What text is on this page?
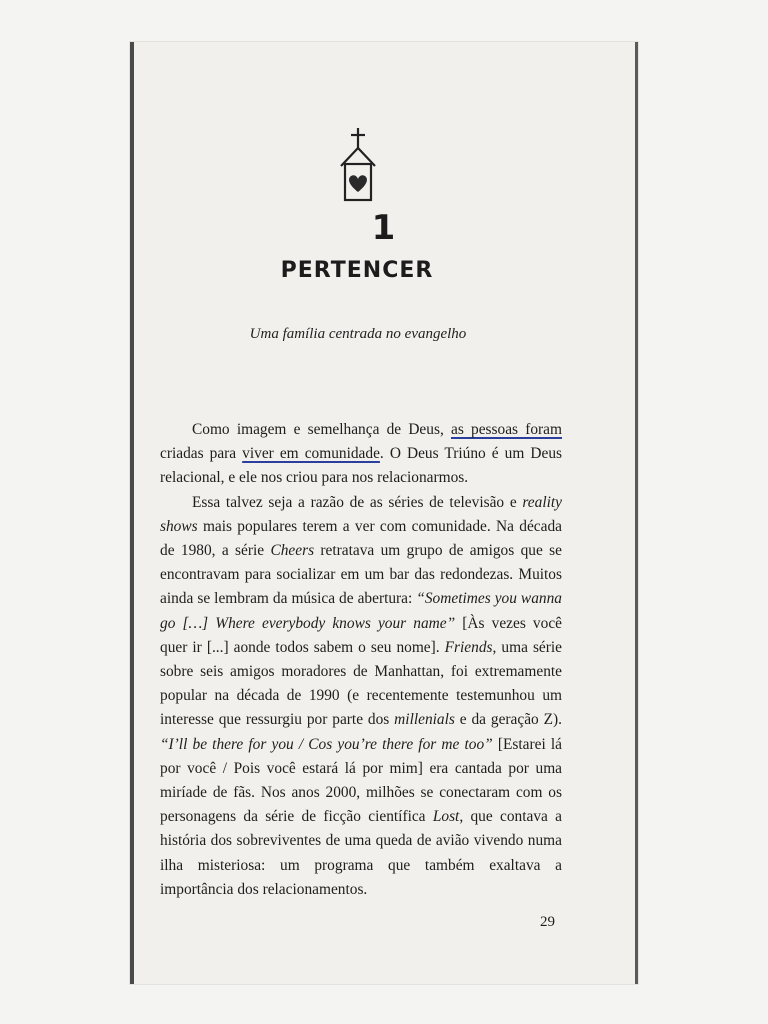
1
PERTENCER
Uma família centrada no evangelho

Como imagem e semelhança de Deus, as pessoas foram criadas para viver em comunidade. O Deus Triúno é um Deus relacional, e ele nos criou para nos relacionarmos.

Essa talvez seja a razão de as séries de televisão e reality shows mais populares terem a ver com comunidade. Na década de 1980, a série Cheers retratava um grupo de amigos que se encontravam para socializar em um bar das redondezas. Muitos ainda se lembram da música de abertura: “Sometimes you wanna go […] Where everybody knows your name” [Às vezes você quer ir [...] aonde todos sabem o seu nome]. Friends, uma série sobre seis amigos moradores de Manhattan, foi extremamente popular na década de 1990 (e recentemente testemunhou um interesse que ressurgiu por parte dos millenials e da geração Z). “I’ll be there for you / Cos you’re there for me too” [Estarei lá por você / Pois você estará lá por mim] era cantada por uma miríade de fãs. Nos anos 2000, milhões se conectaram com os personagens da série de ficção científica Lost, que contava a história dos sobreviventes de uma queda de avião vivendo numa ilha misteriosa: um programa que também exaltava a importância dos relacionamentos.

29
